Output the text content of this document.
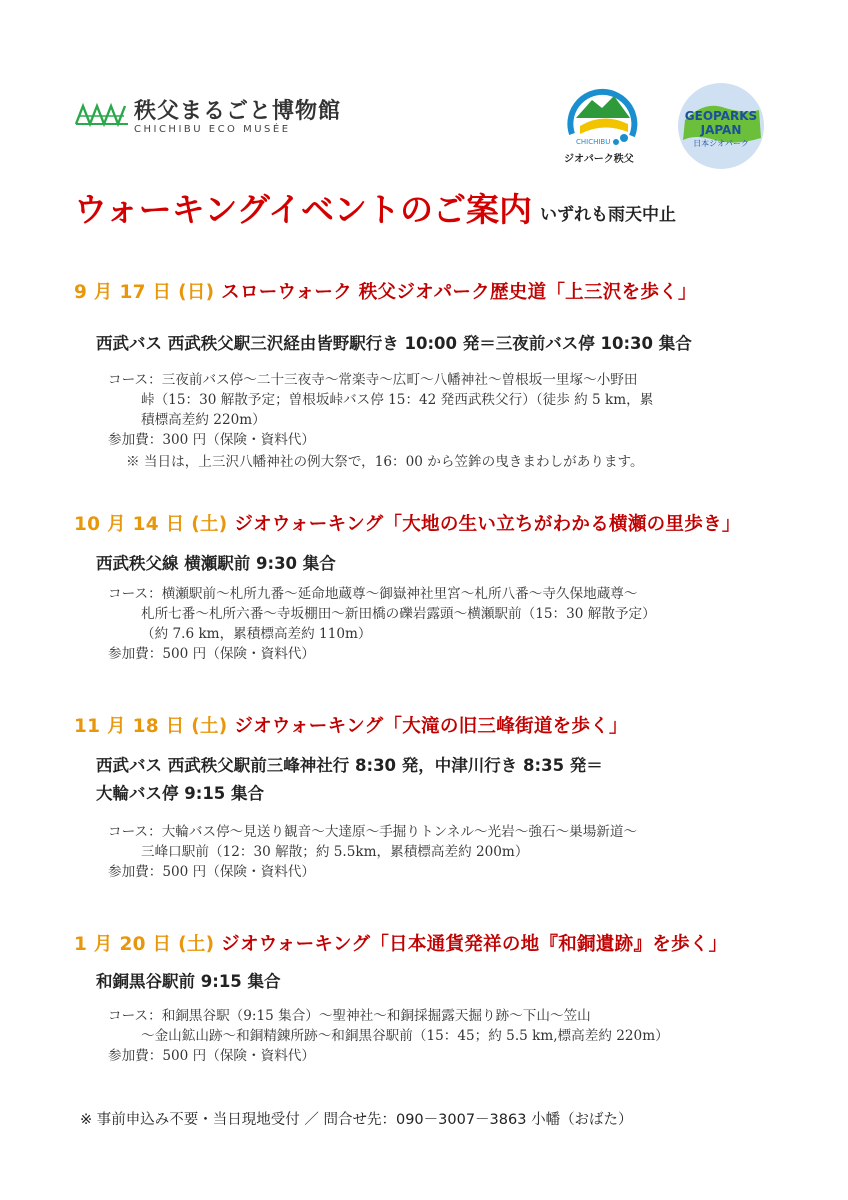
秩父まるごと博物館
CHICHIBU ECO MUSÉE
CHICHIBU
ジオパーク秩父
GEOPARKS
JAPAN
日本ジオパーク
ウォーキングイベントのご案内 いずれも雨天中止
9 月 17 日 (日) スローウォーク 秩父ジオパーク歴史道「上三沢を歩く」
西武バス 西武秩父駅三沢経由皆野駅行き 10:00 発＝三夜前バス停 10:30 集合
コース：三夜前バス停〜二十三夜寺〜常楽寺〜広町〜八幡神社〜曽根坂一里塚〜小野田
峠（15：30 解散予定；曽根坂峠バス停 15：42 発西武秩父行）（徒歩 約 5 km，累
積標高差約 220m）
参加費：300 円（保険・資料代）
※ 当日は，上三沢八幡神社の例大祭で，16：00 から笠鉾の曳きまわしがあります。
10 月 14 日 (土) ジオウォーキング「大地の生い立ちがわかる横瀬の里歩き」
西武秩父線 横瀬駅前 9:30 集合
コース：横瀬駅前〜札所九番〜延命地蔵尊〜御嶽神社里宮〜札所八番〜寺久保地蔵尊〜
札所七番〜札所六番〜寺坂棚田〜新田橋の礫岩露頭〜横瀬駅前（15：30 解散予定）
（約 7.6 km，累積標高差約 110m）
参加費：500 円（保険・資料代）
11 月 18 日 (土) ジオウォーキング「大滝の旧三峰街道を歩く」
西武バス 西武秩父駅前三峰神社行 8:30 発，中津川行き 8:35 発＝
大輪バス停 9:15 集合
コース：大輪バス停〜見送り観音〜大達原〜手掘りトンネル〜光岩〜強石〜巣場新道〜
三峰口駅前（12：30 解散；約 5.5km，累積標高差約 200m）
参加費：500 円（保険・資料代）
1 月 20 日 (土) ジオウォーキング「日本通貨発祥の地『和銅遺跡』を歩く」
和銅黒谷駅前 9:15 集合
コース：和銅黒谷駅（9:15 集合）〜聖神社〜和銅採掘露天掘り跡〜下山〜笠山
〜金山鉱山跡〜和銅精錬所跡〜和銅黒谷駅前（15：45；約 5.5 km,標高差約 220m）
参加費：500 円（保険・資料代）
※ 事前申込み不要・当日現地受付 ／ 問合せ先：090－3007－3863 小幡（おばた）
